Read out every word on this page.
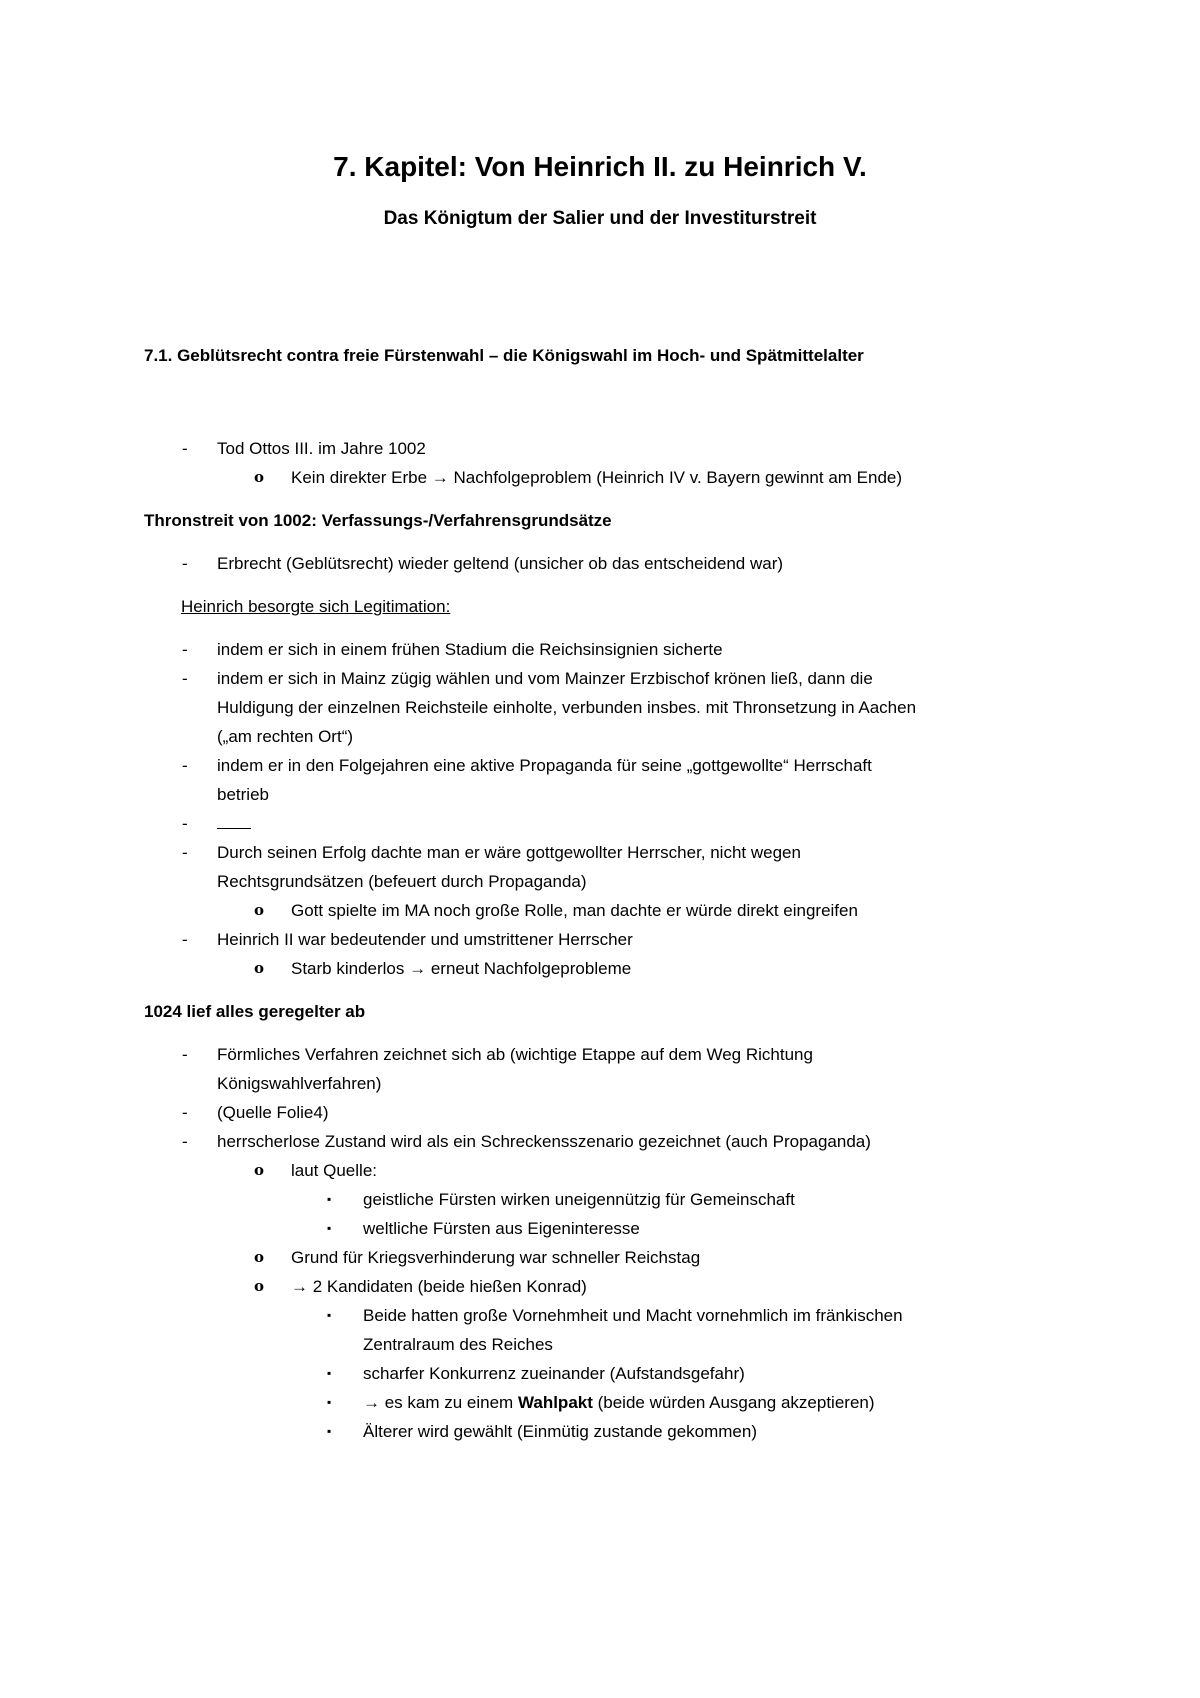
7. Kapitel: Von Heinrich II. zu Heinrich V.
Das Königtum der Salier und der Investiturstreit
7.1. Geblütsrecht contra freie Fürstenwahl – die Königswahl im Hoch- und Spätmittelalter
- Tod Ottos III. im Jahre 1002
o Kein direkter Erbe → Nachfolgeproblem (Heinrich IV v. Bayern gewinnt am Ende)
Thronstreit von 1002: Verfassungs-/Verfahrensgrundsätze
- Erbrecht (Geblütsrecht) wieder geltend (unsicher ob das entscheidend war)
Heinrich besorgte sich Legitimation:
- indem er sich in einem frühen Stadium die Reichsinsignien sicherte
- indem er sich in Mainz zügig wählen und vom Mainzer Erzbischof krönen ließ, dann die
Huldigung der einzelnen Reichsteile einholte, verbunden insbes. mit Thronsetzung in Aachen
(„am rechten Ort“)
- indem er in den Folgejahren eine aktive Propaganda für seine „gottgewollte“ Herrschaft
betrieb
-
- Durch seinen Erfolg dachte man er wäre gottgewollter Herrscher, nicht wegen
Rechtsgrundsätzen (befeuert durch Propaganda)
o Gott spielte im MA noch große Rolle, man dachte er würde direkt eingreifen
- Heinrich II war bedeutender und umstrittener Herrscher
o Starb kinderlos → erneut Nachfolgeprobleme
1024 lief alles geregelter ab
- Förmliches Verfahren zeichnet sich ab (wichtige Etappe auf dem Weg Richtung
Königswahlverfahren)
- (Quelle Folie4)
- herrscherlose Zustand wird als ein Schreckensszenario gezeichnet (auch Propaganda)
o laut Quelle:
▪ geistliche Fürsten wirken uneigennützig für Gemeinschaft
▪ weltliche Fürsten aus Eigeninteresse
o Grund für Kriegsverhinderung war schneller Reichstag
o → 2 Kandidaten (beide hießen Konrad)
▪ Beide hatten große Vornehmheit und Macht vornehmlich im fränkischen
Zentralraum des Reiches
▪ scharfer Konkurrenz zueinander (Aufstandsgefahr)
▪ → es kam zu einem Wahlpakt (beide würden Ausgang akzeptieren)
▪ Älterer wird gewählt (Einmütig zustande gekommen)
